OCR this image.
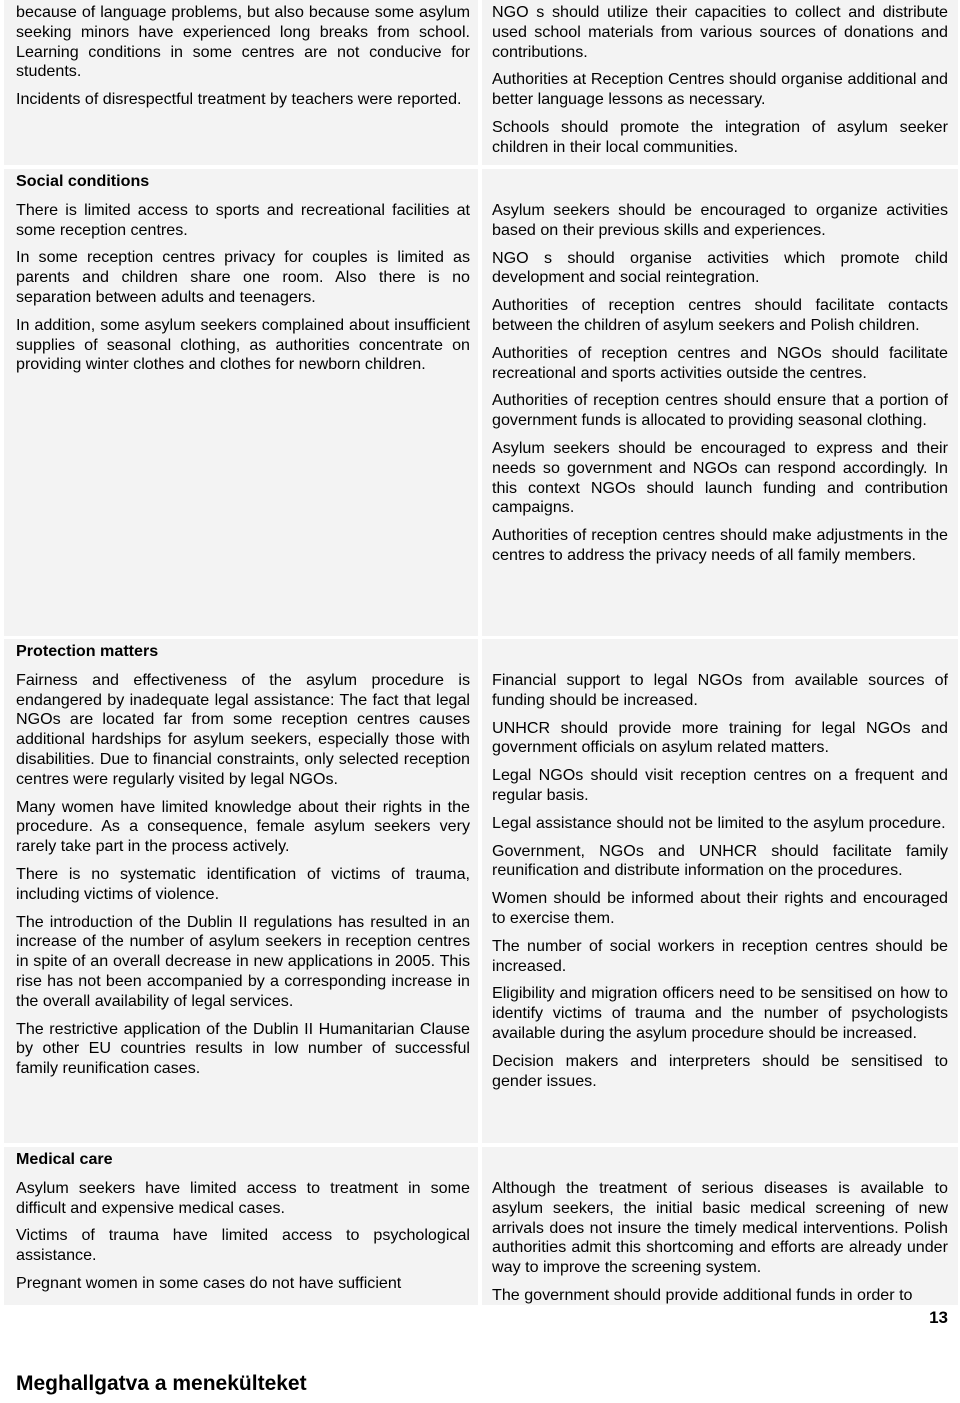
because of language problems, but also because some asylum seeking minors have experienced long breaks from school. Learning conditions in some centres are not conducive for students.

Incidents of disrespectful treatment by teachers were reported.

NGO s should utilize their capacities to collect and distribute used school materials from various sources of donations and contributions.

Authorities at Reception Centres should organise additional and better language lessons as necessary.

Schools should promote the integration of asylum seeker children in their local communities.

Social conditions

There is limited access to sports and recreational facilities at some reception centres.

In some reception centres privacy for couples is limited as parents and children share one room. Also there is no separation between adults and teenagers.

In addition, some asylum seekers complained about insufficient supplies of seasonal clothing, as authorities concentrate on providing winter clothes and clothes for newborn children.

Asylum seekers should be encouraged to organize activities based on their previous skills and experiences.

NGO s should organise activities which promote child development and social reintegration.

Authorities of reception centres should facilitate contacts between the children of asylum seekers and Polish children.

Authorities of reception centres and NGOs should facilitate recreational and sports activities outside the centres.

Authorities of reception centres should ensure that a portion of government funds is allocated to providing seasonal clothing.

Asylum seekers should be encouraged to express and their needs so government and NGOs can respond accordingly. In this context NGOs should launch funding and contribution campaigns.

Authorities of reception centres should make adjustments in the centres to address the privacy needs of all family members.

Protection matters

Fairness and effectiveness of the asylum procedure is endangered by inadequate legal assistance: The fact that legal NGOs are located far from some reception centres causes additional hardships for asylum seekers, especially those with disabilities. Due to financial constraints, only selected reception centres were regularly visited by legal NGOs.

Many women have limited knowledge about their rights in the procedure. As a consequence, female asylum seekers very rarely take part in the process actively.

There is no systematic identification of victims of trauma, including victims of violence.

The introduction of the Dublin II regulations has resulted in an increase of the number of asylum seekers in reception centres in spite of an overall decrease in new applications in 2005. This rise has not been accompanied by a corresponding increase in the overall availability of legal services.

The restrictive application of the Dublin II Humanitarian Clause by other EU countries results in low number of successful family reunification cases.

Financial support to legal NGOs from available sources of funding should be increased.

UNHCR should provide more training for legal NGOs and government officials on asylum related matters.

Legal NGOs should visit reception centres on a frequent and regular basis.

Legal assistance should not be limited to the asylum procedure.

Government, NGOs and UNHCR should facilitate family reunification and distribute information on the procedures.

Women should be informed about their rights and encouraged to exercise them.

The number of social workers in reception centres should be increased.

Eligibility and migration officers need to be sensitised on how to identify victims of trauma and the number of psychologists available during the asylum procedure should be increased.

Decision makers and interpreters should be sensitised to gender issues.

Medical care

Asylum seekers have limited access to treatment in some difficult and expensive medical cases.

Victims of trauma have limited access to psychological assistance.

Pregnant women in some cases do not have sufficient

Although the treatment of serious diseases is available to asylum seekers, the initial basic medical screening of new arrivals does not insure the timely medical interventions. Polish authorities admit this shortcoming and efforts are already under way to improve the screening system.

The government should provide additional funds in order to

13
Meghallgatva a menekülteket
